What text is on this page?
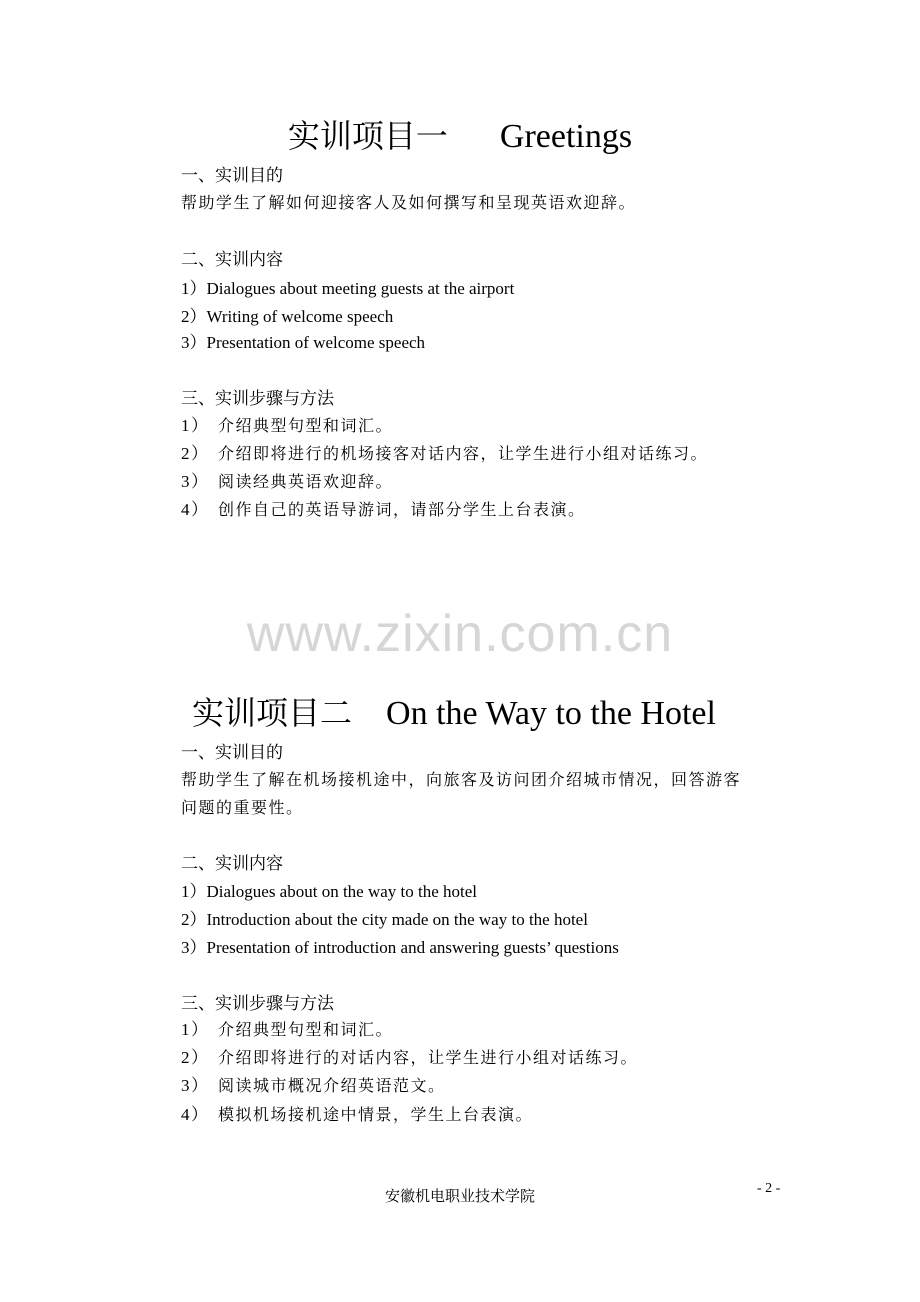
实训项目一 Greetings
一、实训目的
帮助学生了解如何迎接客人及如何撰写和呈现英语欢迎辞。
二、实训内容
1）Dialogues about meeting guests at the airport
2）Writing of welcome speech
3）Presentation of welcome speech
三、实训步骤与方法
1） 介绍典型句型和词汇。
2） 介绍即将进行的机场接客对话内容，让学生进行小组对话练习。
3） 阅读经典英语欢迎辞。
4） 创作自己的英语导游词，请部分学生上台表演。
www.zixin.com.cn
实训项目二 On the Way to the Hotel
一、实训目的
帮助学生了解在机场接机途中，向旅客及访问团介绍城市情况，回答游客
问题的重要性。
二、实训内容
1）Dialogues about on the way to the hotel
2）Introduction about the city made on the way to the hotel
3）Presentation of introduction and answering guests’ questions
三、实训步骤与方法
1） 介绍典型句型和词汇。
2） 介绍即将进行的对话内容，让学生进行小组对话练习。
3） 阅读城市概况介绍英语范文。
4） 模拟机场接机途中情景，学生上台表演。
安徽机电职业技术学院	- 2 -
